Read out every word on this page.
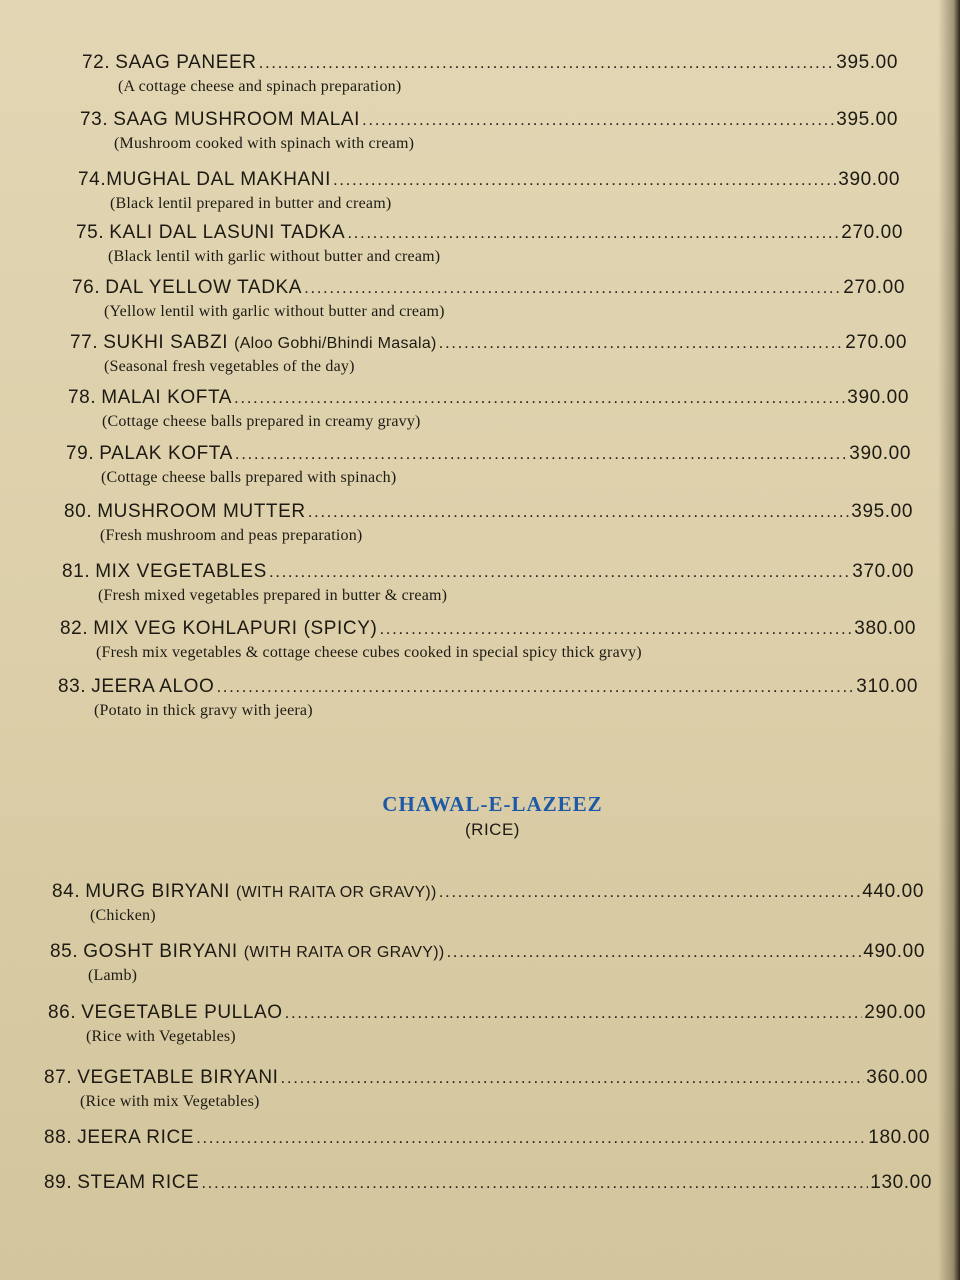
72. SAAG PANEER .....	395.00
(A cottage cheese and spinach preparation)
73. SAAG MUSHROOM MALAI .....	395.00
(Mushroom cooked with spinach with cream)
74. MUGHAL DAL MAKHANI .....	390.00
(Black lentil prepared in butter and cream)
75. KALI DAL LASUNI TADKA .....	270.00
(Black lentil with garlic without butter and cream)
76. DAL YELLOW TADKA .....	270.00
(Yellow lentil with garlic without butter and cream)
77. SUKHI SABZI (Aloo Gobhi/Bhindi Masala) .....	270.00
(Seasonal fresh vegetables of the day)
78. MALAI KOFTA .....	390.00
(Cottage cheese balls prepared in creamy gravy)
79. PALAK KOFTA .....	390.00
(Cottage cheese balls prepared with spinach)
80. MUSHROOM MUTTER .....	395.00
(Fresh mushroom and peas preparation)
81. MIX VEGETABLES .....	370.00
(Fresh mixed vegetables prepared in butter & cream)
82. MIX VEG KOHLAPURI (SPICY) .....	380.00
(Fresh mix vegetables & cottage cheese cubes cooked in special spicy thick gravy)
83. JEERA ALOO .....	310.00
(Potato in thick gravy with jeera)
CHAWAL-E-LAZEEZ
(RICE)
84. MURG BIRYANI (WITH RAITA OR GRAVY)) .....	440.00
(Chicken)
85. GOSHT BIRYANI (WITH RAITA OR GRAVY)) .....	490.00
(Lamb)
86. VEGETABLE PULLAO .....	290.00
(Rice with Vegetables)
87. VEGETABLE BIRYANI .....	360.00
(Rice with mix Vegetables)
88. JEERA RICE .....	180.00
89. STEAM RICE .....	130.00
